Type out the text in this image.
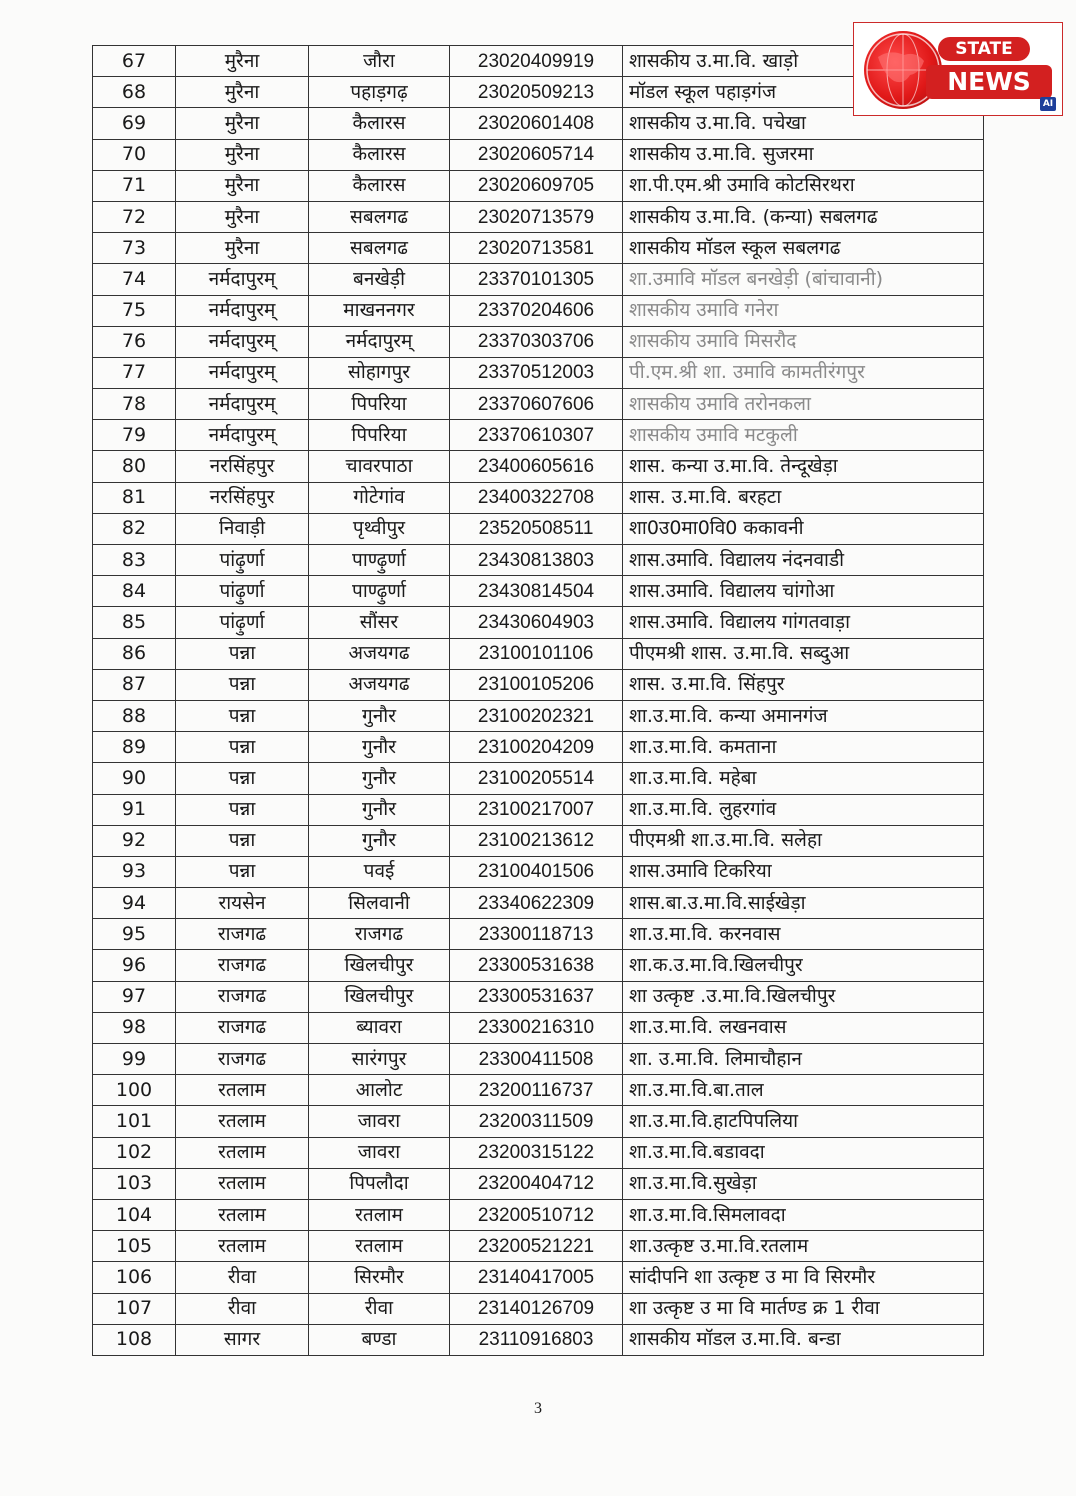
67	मुरैना	जौरा	23020409919	शासकीय उ.मा.वि. खाड़ो
68	मुरैना	पहाड़गढ़	23020509213	मॉडल स्कूल पहाड़गंज
69	मुरैना	कैलारस	23020601408	शासकीय उ.मा.वि. पचेखा
70	मुरैना	कैलारस	23020605714	शासकीय उ.मा.वि. सुजरमा
71	मुरैना	कैलारस	23020609705	शा.पी.एम.श्री उमावि कोटसिरथरा
72	मुरैना	सबलगढ	23020713579	शासकीय उ.मा.वि. (कन्या) सबलगढ
73	मुरैना	सबलगढ	23020713581	शासकीय मॉडल स्कूल सबलगढ
74	नर्मदापुरम्	बनखेड़ी	23370101305	शा.उमावि मॉडल बनखेड़ी (बांचावानी)
75	नर्मदापुरम्	माखननगर	23370204606	शासकीय उमावि गनेरा
76	नर्मदापुरम्	नर्मदापुरम्	23370303706	शासकीय उमावि मिसरौद
77	नर्मदापुरम्	सोहागपुर	23370512003	पी.एम.श्री शा. उमावि कामतीरंगपुर
78	नर्मदापुरम्	पिपरिया	23370607606	शासकीय उमावि तरोनकला
79	नर्मदापुरम्	पिपरिया	23370610307	शासकीय उमावि मटकुली
80	नरसिंहपुर	चावरपाठा	23400605616	शास. कन्या उ.मा.वि. तेन्दूखेड़ा
81	नरसिंहपुर	गोटेगांव	23400322708	शास. उ.मा.वि. बरहटा
82	निवाड़ी	पृथ्वीपुर	23520508511	शा0उ0मा0वि0 ककावनी
83	पांढ़ुर्णा	पाण्ढ़ुर्णा	23430813803	शास.उमावि. विद्यालय नंदनवाडी
84	पांढ़ुर्णा	पाण्ढ़ुर्णा	23430814504	शास.उमावि. विद्यालय चांगोआ
85	पांढ़ुर्णा	सौंसर	23430604903	शास.उमावि. विद्यालय गांगतवाड़ा
86	पन्ना	अजयगढ	23100101106	पीएमश्री शास. उ.मा.वि. सब्दुआ
87	पन्ना	अजयगढ	23100105206	शास. उ.मा.वि. सिंहपुर
88	पन्ना	गुनौर	23100202321	शा.उ.मा.वि. कन्या अमानगंज
89	पन्ना	गुनौर	23100204209	शा.उ.मा.वि. कमताना
90	पन्ना	गुनौर	23100205514	शा.उ.मा.वि. महेबा
91	पन्ना	गुनौर	23100217007	शा.उ.मा.वि. लुहरगांव
92	पन्ना	गुनौर	23100213612	पीएमश्री शा.उ.मा.वि. सलेहा
93	पन्ना	पवई	23100401506	शास.उमावि टिकरिया
94	रायसेन	सिलवानी	23340622309	शास.बा.उ.मा.वि.साईखेड़ा
95	राजगढ	राजगढ	23300118713	शा.उ.मा.वि. करनवास
96	राजगढ	खिलचीपुर	23300531638	शा.क.उ.मा.वि.खिलचीपुर
97	राजगढ	खिलचीपुर	23300531637	शा उत्कृष्ट .उ.मा.वि.खिलचीपुर
98	राजगढ	ब्यावरा	23300216310	शा.उ.मा.वि. लखनवास
99	राजगढ	सारंगपुर	23300411508	शा. उ.मा.वि. लिमाचौहान
100	रतलाम	आलोट	23200116737	शा.उ.मा.वि.बा.ताल
101	रतलाम	जावरा	23200311509	शा.उ.मा.वि.हाटपिपलिया
102	रतलाम	जावरा	23200315122	शा.उ.मा.वि.बडावदा
103	रतलाम	पिपलौदा	23200404712	शा.उ.मा.वि.सुखेड़ा
104	रतलाम	रतलाम	23200510712	शा.उ.मा.वि.सिमलावदा
105	रतलाम	रतलाम	23200521221	शा.उत्कृष्ट उ.मा.वि.रतलाम
106	रीवा	सिरमौर	23140417005	सांदीपनि शा उत्कृष्ट उ मा वि सिरमौर
107	रीवा	रीवा	23140126709	शा उत्कृष्ट उ मा वि मार्तण्ड क्र 1 रीवा
108	सागर	बण्डा	23110916803	शासकीय मॉडल उ.मा.वि. बन्डा
3
STATE
NEWS
AI
